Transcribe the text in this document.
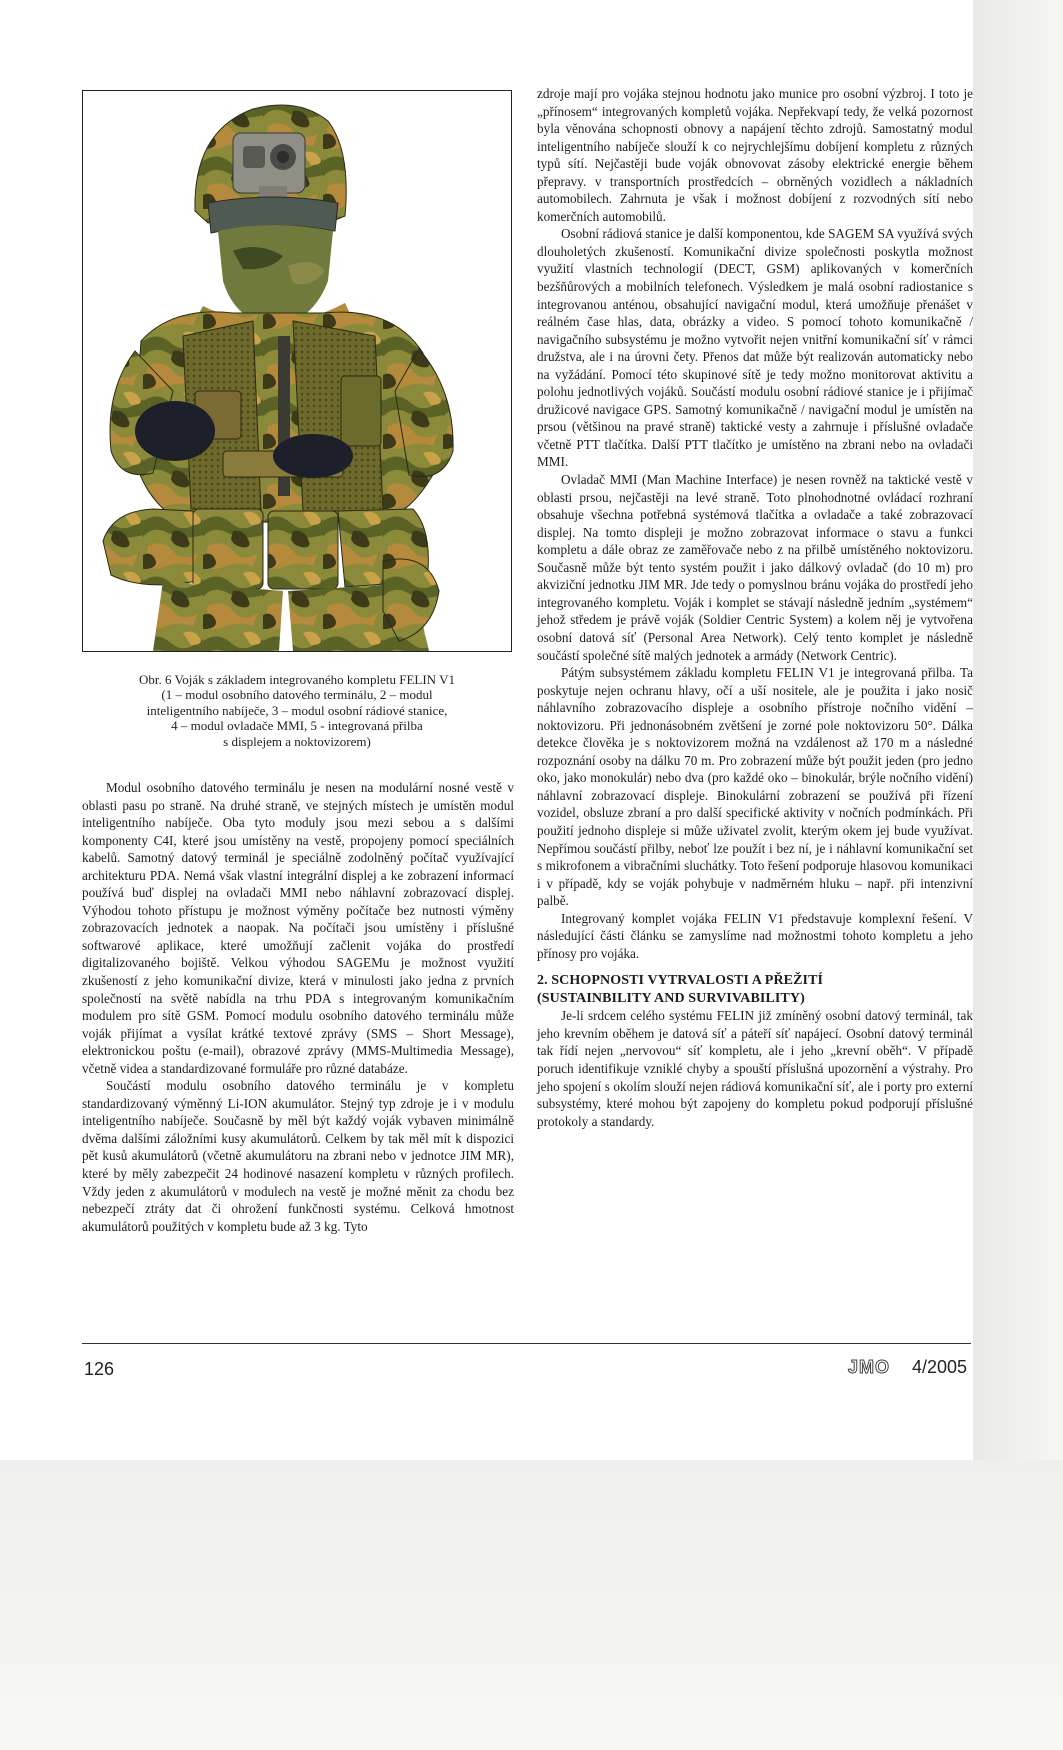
Obr. 6 Voják s základem integrovaného kompletu FELIN V1
(1 – modul osobního datového terminálu, 2 – modul
inteligentního nabíječe, 3 – modul osobní rádiové stanice,
4 – modul ovladače MMI, 5 - integrovaná přilba
s displejem a noktovizorem)

Modul osobního datového terminálu je nesen na modulární nosné vestě v oblasti pasu po straně. Na druhé straně, ve stejných místech je umístěn modul inteligentního nabíječe. Oba tyto moduly jsou mezi sebou a s dalšími komponenty C4I, které jsou umístěny na vestě, propojeny pomocí speciálních kabelů. Samotný datový terminál je speciálně zodolněný počítač využívající architekturu PDA. Nemá však vlastní integrální displej a ke zobrazení informací používá buď displej na ovladači MMI nebo náhlavní zobrazovací displej. Výhodou tohoto přístupu je možnost výměny počítače bez nutnosti výměny zobrazovacích jednotek a naopak. Na počítači jsou umístěny i příslušné softwarové aplikace, které umožňují začlenit vojáka do prostředí digitalizovaného bojiště. Velkou výhodou SAGEMu je možnost využití zkušeností z jeho komunikační divize, která v minulosti jako jedna z prvních společností na světě nabídla na trhu PDA s integrovaným komunikačním modulem pro sítě GSM. Pomocí modulu osobního datového terminálu může voják přijímat a vysílat krátké textové zprávy (SMS – Short Message), elektronickou poštu (e-mail), obrazové zprávy (MMS-Multimedia Message), včetně videa a standardizované formuláře pro různé databáze.

Součástí modulu osobního datového terminálu je v kompletu standardizovaný výměnný Li-ION akumulátor. Stejný typ zdroje je i v modulu inteligentního nabíječe. Současně by měl být každý voják vybaven minimálně dvěma dalšími záložními kusy akumulátorů. Celkem by tak měl mít k dispozici pět kusů akumulátorů (včetně akumulátoru na zbrani nebo v jednotce JIM MR), které by měly zabezpečit 24 hodinové nasazení kompletu v různých profilech. Vždy jeden z akumulátorů v modulech na vestě je možné měnit za chodu bez nebezpečí ztráty dat či ohrožení funkčnosti systému. Celková hmotnost akumulátorů použitých v kompletu bude až 3 kg. Tyto

zdroje mají pro vojáka stejnou hodnotu jako munice pro osobní výzbroj. I toto je „přínosem“ integrovaných kompletů vojáka. Nepřekvapí tedy, že velká pozornost byla věnována schopnosti obnovy a napájení těchto zdrojů. Samostatný modul inteligentního nabíječe slouží k co nejrychlejšímu dobíjení kompletu z různých typů sítí. Nejčastěji bude voják obnovovat zásoby elektrické energie během přepravy. v transportních prostředcích – obrněných vozidlech a nákladních automobilech. Zahrnuta je však i možnost dobíjení z rozvodných sítí nebo komerčních automobilů.

Osobní rádiová stanice je další komponentou, kde SAGEM SA využívá svých dlouholetých zkušeností. Komunikační divize společnosti poskytla možnost využití vlastních technologií (DECT, GSM) aplikovaných v komerčních bezšňůrových a mobilních telefonech. Výsledkem je malá osobní radiostanice s integrovanou anténou, obsahující navigační modul, která umožňuje přenášet v reálném čase hlas, data, obrázky a video. S pomocí tohoto komunikačně / navigačního subsystému je možno vytvořit nejen vnitřní komunikační síť v rámci družstva, ale i na úrovni čety. Přenos dat může být realizován automaticky nebo na vyžádání. Pomocí této skupinové sítě je tedy možno monitorovat aktivitu a polohu jednotlivých vojáků. Součástí modulu osobní rádiové stanice je i přijímač družicové navigace GPS. Samotný komunikačně / navigační modul je umístěn na prsou (většinou na pravé straně) taktické vesty a zahrnuje i příslušné ovladače včetně PTT tlačítka. Další PTT tlačítko je umístěno na zbrani nebo na ovladači MMI.

Ovladač MMI (Man Machine Interface) je nesen rovněž na taktické vestě v oblasti prsou, nejčastěji na levé straně. Toto plnohodnotné ovládací rozhraní obsahuje všechna potřebná systémová tlačítka a ovladače a také zobrazovací displej. Na tomto displeji je možno zobrazovat informace o stavu a funkci kompletu a dále obraz ze zaměřovače nebo z na přilbě umístěného noktovizoru. Současně může být tento systém použit i jako dálkový ovladač (do 10 m) pro akviziční jednotku JIM MR. Jde tedy o pomyslnou bránu vojáka do prostředí jeho integrovaného kompletu. Voják i komplet se stávají následně jedním „systémem“ jehož středem je právě voják (Soldier Centric System) a kolem něj je vytvořena osobní datová síť (Personal Area Network). Celý tento komplet je následně součástí společné sítě malých jednotek a armády (Network Centric).

Pátým subsystémem základu kompletu FELIN V1 je integrovaná přilba. Ta poskytuje nejen ochranu hlavy, očí a uší nositele, ale je použita i jako nosič náhlavního zobrazovacího displeje a osobního přístroje nočního vidění – noktovizoru. Při jednonásobném zvětšení je zorné pole noktovizoru 50°. Dálka detekce člověka je s noktovizorem možná na vzdálenost až 170 m a následné rozpoznání osoby na dálku 70 m. Pro zobrazení může být použit jeden (pro jedno oko, jako monokulár) nebo dva (pro každé oko – binokulár, brýle nočního vidění) náhlavní zobrazovací displeje. Binokulární zobrazení se používá při řízení vozidel, obsluze zbraní a pro další specifické aktivity v nočních podmínkách. Při použití jednoho displeje si může uživatel zvolit, kterým okem jej bude využívat. Nepřímou součástí přilby, neboť lze použít i bez ní, je i náhlavní komunikační set s mikrofonem a vibračními sluchátky. Toto řešení podporuje hlasovou komunikaci i v případě, kdy se voják pohybuje v nadměrném hluku – např. při intenzivní palbě.

Integrovaný komplet vojáka FELIN V1 představuje komplexní řešení. V následující části článku se zamyslíme nad možnostmi tohoto kompletu a jeho přínosy pro vojáka.

2. SCHOPNOSTI VYTRVALOSTI A PŘEŽITÍ
(SUSTAINBILITY AND SURVIVABILITY)

Je-li srdcem celého systému FELIN již zmíněný osobní datový terminál, tak jeho krevním oběhem je datová síť a páteří síť napájecí. Osobní datový terminál tak řídí nejen „nervovou“ síť kompletu, ale i jeho „krevní oběh“. V případě poruch identifikuje vzniklé chyby a spouští příslušná upozornění a výstrahy. Pro jeho spojení s okolím slouží nejen rádiová komunikační síť, ale i porty pro externí subsystémy, které mohou být zapojeny do kompletu pokud podporují příslušné protokoly a standardy.

126	JMO 4/2005
